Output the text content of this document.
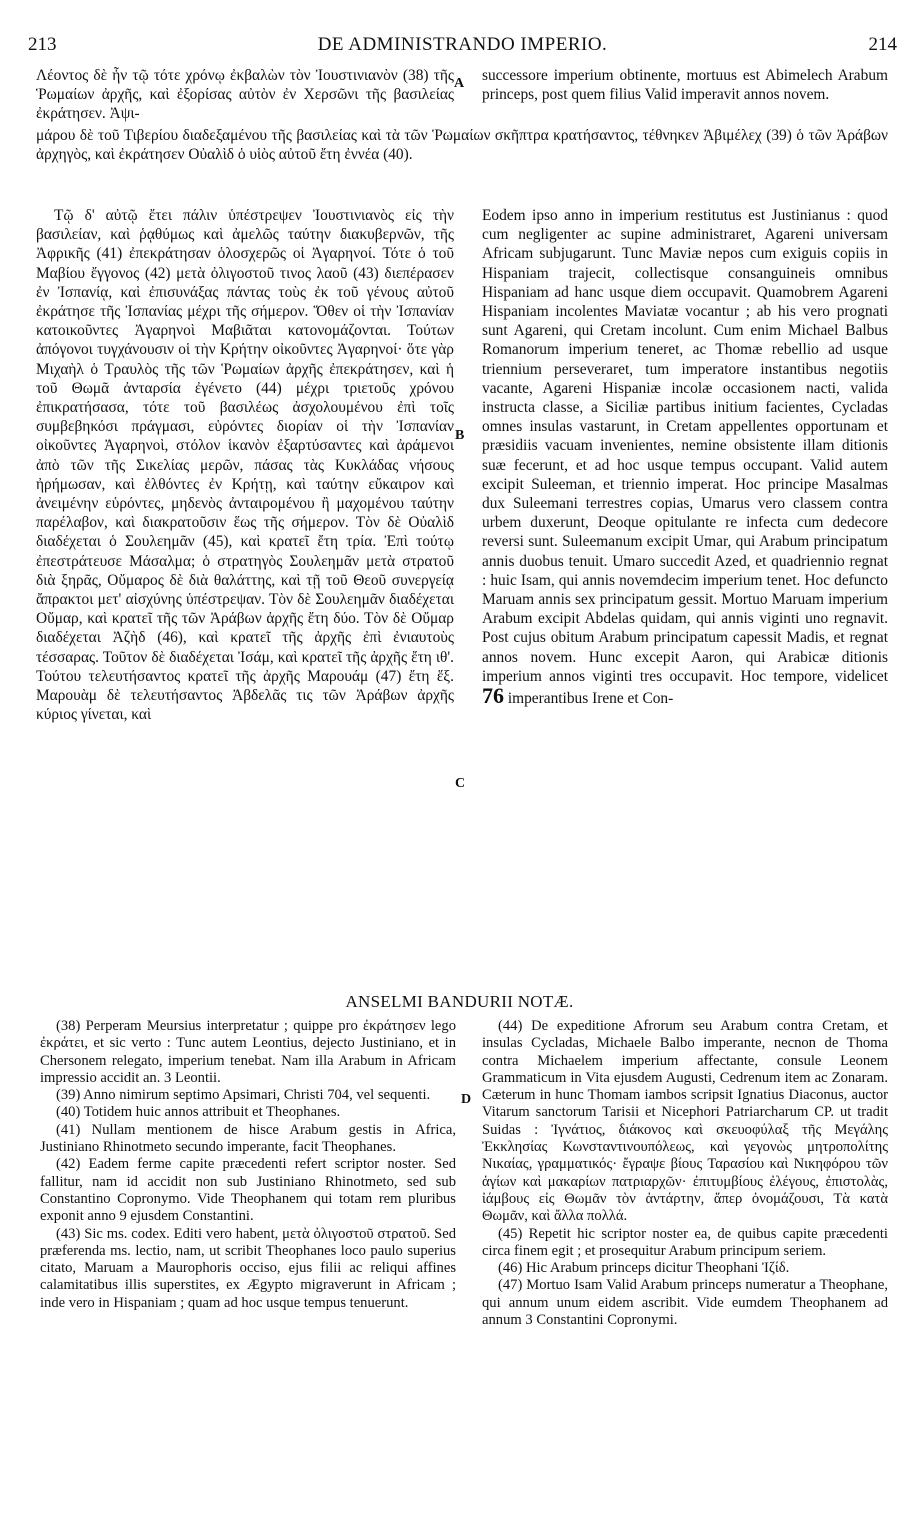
213	DE ADMINISTRANDO IMPERIO.	214

Λέοντος δὲ ἦν τῷ τότε χρόνῳ ἐκβαλὼν τὸν Ἰουστινιανὸν (38) τῆς Ῥωμαίων ἀρχῆς, καὶ ἐξορίσας αὐτὸν ἐν Χερσῶνι τῆς βασιλείας ἐκράτησεν. Ἀψι-

successore imperium obtinente, mortuus est Abimelech Arabum princeps, post quem filius Valid imperavit annos novem.

A

μάρου δὲ τοῦ Τιβερίου διαδεξαμένου τῆς βασιλείας καὶ τὰ τῶν Ῥωμαίων σκῆπτρα κρατήσαντος, τέθνηκεν Ἀβιμέλεχ (39) ὁ τῶν Ἀράβων ἀρχηγὸς, καὶ ἐκράτησεν Οὐαλὶδ ὁ υἱὸς αὐτοῦ ἔτη ἐννέα (40).

Τῷ δ' αὐτῷ ἔτει πάλιν ὑπέστρεψεν Ἰουστινιανὸς εἰς τὴν βασιλείαν, καὶ ῥᾳθύμως καὶ ἀμελῶς ταύτην διακυβερνῶν, τῆς Ἀφρικῆς (41) ἐπεκράτησαν ὁλοσχερῶς οἱ Ἀγαρηνοί. Τότε ὁ τοῦ Μαβίου ἔγγονος (42) μετὰ ὀλιγοστοῦ τινος λαοῦ (43) διεπέρασεν ἐν Ἰσπανίᾳ, καὶ ἐπισυνάξας πάντας τοὺς ἐκ τοῦ γένους αὐτοῦ ἐκράτησε τῆς Ἰσπανίας μέχρι τῆς σήμερον. Ὅθεν οἱ τὴν Ἰσπανίαν κατοικοῦντες Ἀγαρηνοὶ Μαβιᾶται κατονομάζονται. Τούτων ἀπόγονοι τυγχάνουσιν οἱ τὴν Κρήτην οἰκοῦντες Ἀγαρηνοί· ὅτε γὰρ Μιχαὴλ ὁ Τραυλὸς τῆς τῶν Ῥωμαίων ἀρχῆς ἐπεκράτησεν, καὶ ἡ τοῦ Θωμᾶ ἀνταρσία ἐγένετο (44) μέχρι τριετοῦς χρόνου ἐπικρατήσασα, τότε τοῦ βασιλέως ἀσχολουμένου ἐπὶ τοῖς συμβεβηκόσι πράγμασι, εὑρόντες διορίαν οἱ τὴν Ἰσπανίαν οἰκοῦντες Ἀγαρηνοὶ, στόλον ἱκανὸν ἐξαρτύσαντες καὶ ἀράμενοι ἀπὸ τῶν τῆς Σικελίας μερῶν, πάσας τὰς Κυκλάδας νήσους ἠρήμωσαν, καὶ ἐλθόντες ἐν Κρήτῃ, καὶ ταύτην εὔκαιρον καὶ ἀνειμένην εὑρόντες, μηδενὸς ἀνταιρομένου ἢ μαχομένου ταύτην παρέλαβον, καὶ διακρατοῦσιν ἕως τῆς σήμερον. Τὸν δὲ Οὐαλὶδ διαδέχεται ὁ Σουλεημᾶν (45), καὶ κρατεῖ ἔτη τρία. Ἐπὶ τούτῳ ἐπεστράτευσε Μάσαλμα; ὁ στρατηγὸς Σουλεημᾶν μετὰ στρατοῦ διὰ ξηρᾶς, Οὔμαρος δὲ διὰ θαλάττης, καὶ τῇ τοῦ Θεοῦ συνεργείᾳ ἄπρακτοι μετ' αἰσχύνης ὑπέστρεψαν. Τὸν δὲ Σουλεημᾶν διαδέχεται Οὔμαρ, καὶ κρατεῖ τῆς τῶν Ἀράβων ἀρχῆς ἔτη δύο. Τὸν δὲ Οὔμαρ διαδέχεται Ἀζὴδ (46), καὶ κρατεῖ τῆς ἀρχῆς ἐπὶ ἐνιαυτοὺς τέσσαρας. Τοῦτον δὲ διαδέχεται Ἰσάμ, καὶ κρατεῖ τῆς ἀρχῆς ἔτη ιθ'. Τούτου τελευτήσαντος κρατεῖ τῆς ἀρχῆς Μαρουάμ (47) ἔτη ἕξ. Μαρουὰμ δὲ τελευτήσαντος Ἀβδελᾶς τις τῶν Ἀράβων ἀρχῆς κύριος γίνεται, καὶ

B
C

Eodem ipso anno in imperium restitutus est Justinianus : quod cum negligenter ac supine administraret, Agareni universam Africam subjugarunt. Tunc Maviæ nepos cum exiguis copiis in Hispaniam trajecit, collectisque consanguineis omnibus Hispaniam ad hanc usque diem occupavit. Quamobrem Agareni Hispaniam incolentes Maviatæ vocantur ; ab his vero prognati sunt Agareni, qui Cretam incolunt. Cum enim Michael Balbus Romanorum imperium teneret, ac Thomæ rebellio ad usque triennium perseveraret, tum imperatore instantibus negotiis vacante, Agareni Hispaniæ incolæ occasionem nacti, valida instructa classe, a Siciliæ partibus initium facientes, Cycladas omnes insulas vastarunt, in Cretam appellentes opportunam et præsidiis vacuam invenientes, nemine obsistente illam ditionis suæ fecerunt, et ad hoc usque tempus occupant. Valid autem excipit Suleeman, et triennio imperat. Hoc principe Masalmas dux Suleemani terrestres copias, Umarus vero classem contra urbem duxerunt, Deoque opitulante re infecta cum dedecore reversi sunt. Suleemanum excipit Umar, qui Arabum principatum annis duobus tenuit. Umaro succedit Azed, et quadriennio regnat : huic Isam, qui annis novemdecim imperium tenet. Hoc defuncto Maruam annis sex principatum gessit. Mortuo Maruam imperium Arabum excipit Abdelas quidam, qui annis viginti uno regnavit. Post cujus obitum Arabum principatum capessit Madis, et regnat annos novem. Hunc excepit Aaron, qui Arabicæ ditionis imperium annos viginti tres occupavit. Hoc tempore, videlicet 76 imperantibus Irene et Con-

ANSELMI BANDURII NOTÆ.

(38) Perperam Meursius interpretatur ; quippe pro ἐκράτησεν lego ἐκράτει, et sic verto : Tunc autem Leontius, dejecto Justiniano, et in Chersonem relegato, imperium tenebat. Nam illa Arabum in Africam impressio accidit an. 3 Leontii.

(39) Anno nimirum septimo Apsimari, Christi 704, vel sequenti.

(40) Totidem huic annos attribuit et Theophanes.

(41) Nullam mentionem de hisce Arabum gestis in Africa, Justiniano Rhinotmeto secundo imperante, facit Theophanes.

(42) Eadem ferme capite præcedenti refert scriptor noster. Sed fallitur, nam id accidit non sub Justiniano Rhinotmeto, sed sub Constantino Copronymo. Vide Theophanem qui totam rem pluribus exponit anno 9 ejusdem Constantini.

(43) Sic ms. codex. Editi vero habent, μετὰ ὀλιγοστοῦ στρατοῦ. Sed præferenda ms. lectio, nam, ut scribit Theophanes loco paulo superius citato, Maruam a Maurophoris occiso, ejus filii ac reliqui affines calamitatibus illis superstites, ex Ægypto migraverunt in Africam ; inde vero in Hispaniam ; quam ad hoc usque tempus tenuerunt.

D

(44) De expeditione Afrorum seu Arabum contra Cretam, et insulas Cycladas, Michaele Balbo imperante, necnon de Thoma contra Michaelem imperium affectante, consule Leonem Grammaticum in Vita ejusdem Augusti, Cedrenum item ac Zonaram. Cæterum in hunc Thomam iambos scripsit Ignatius Diaconus, auctor Vitarum sanctorum Tarisii et Nicephori Patriarcharum CP. ut tradit Suidas : Ἰγνάτιος, διάκονος καὶ σκευοφύλαξ τῆς Μεγάλης Ἐκκλησίας Κωνσταντινουπόλεως, καὶ γεγονὼς μητροπολίτης Νικαίας, γραμματικός· ἔγραψε βίους Ταρασίου καὶ Νικηφόρου τῶν ἁγίων καὶ μακαρίων πατριαρχῶν· ἐπιτυμβίους ἐλέγους, ἐπιστολὰς, ἰάμβους εἰς Θωμᾶν τὸν ἀντάρτην, ἅπερ ὀνομάζουσι, Τὰ κατὰ Θωμᾶν, καὶ ἄλλα πολλά.

(45) Repetit hic scriptor noster ea, de quibus capite præcedenti circa finem egit ; et prosequitur Arabum principum seriem.

(46) Hic Arabum princeps dicitur Theophani Ἰζίδ.

(47) Mortuo Isam Valid Arabum princeps numeratur a Theophane, qui annum unum eidem ascribit. Vide eumdem Theophanem ad annum 3 Constantini Copronymi.
